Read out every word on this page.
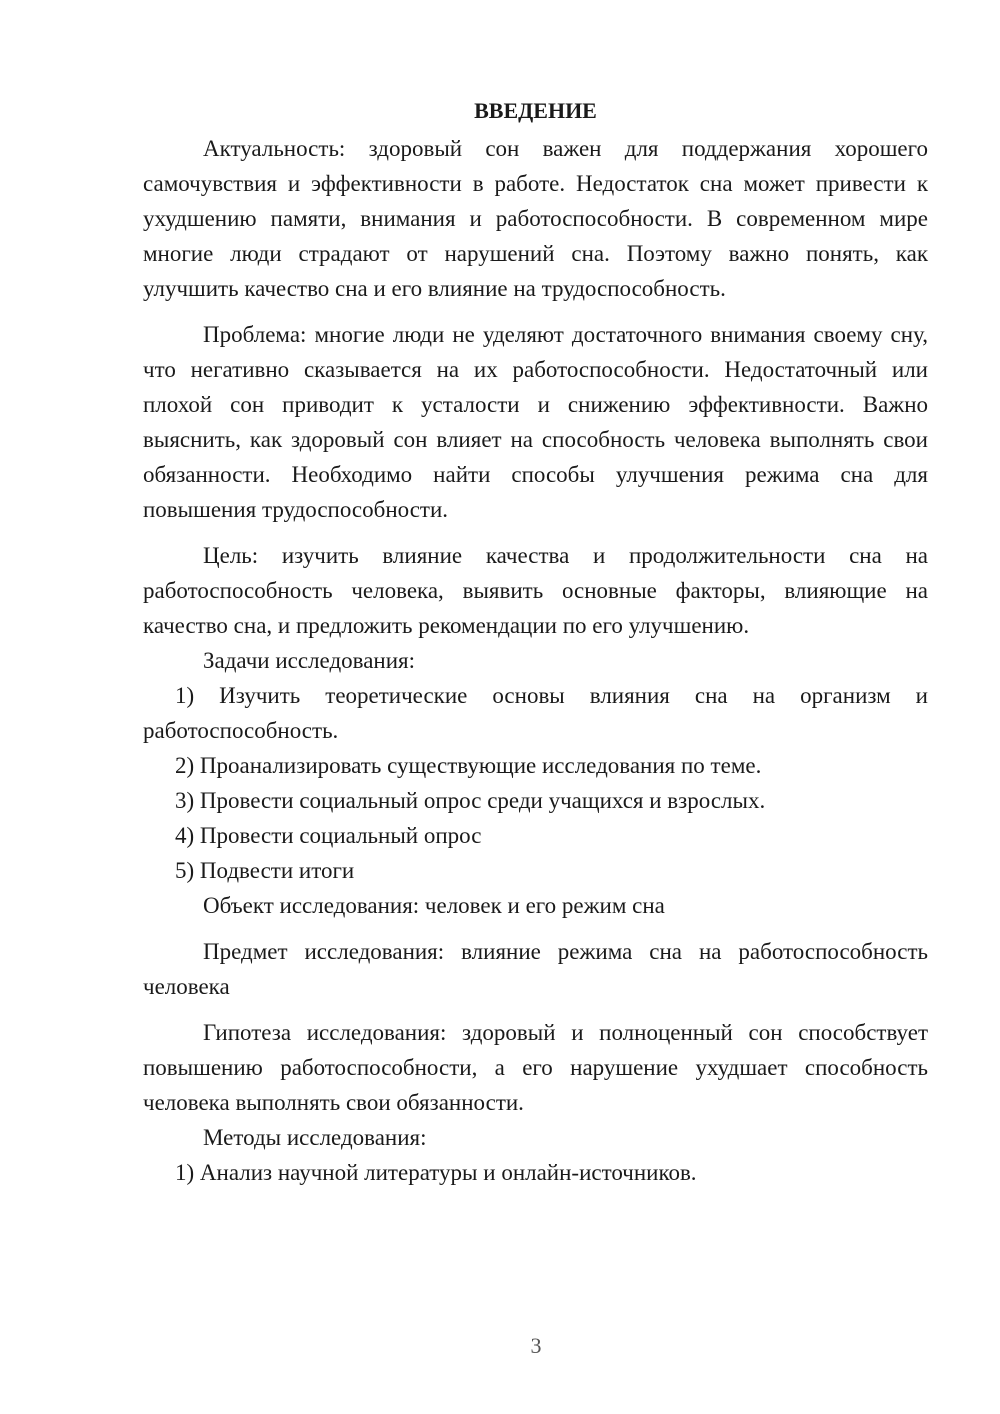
ВВЕДЕНИЕ

Актуальность: здоровый сон важен для поддержания хорошего самочувствия и эффективности в работе. Недостаток сна может привести к ухудшению памяти, внимания и работоспособности. В современном мире многие люди страдают от нарушений сна. Поэтому важно понять, как улучшить качество сна и его влияние на трудоспособность.

Проблема: многие люди не уделяют достаточного внимания своему сну, что негативно сказывается на их работоспособности. Недостаточный или плохой сон приводит к усталости и снижению эффективности. Важно выяснить, как здоровый сон влияет на способность человека выполнять свои обязанности. Необходимо найти способы улучшения режима сна для повышения трудоспособности.

Цель: изучить влияние качества и продолжительности сна на работоспособность человека, выявить основные факторы, влияющие на качество сна, и предложить рекомендации по его улучшению.

Задачи исследования:

1) Изучить теоретические основы влияния сна на организм и работоспособность.

2) Проанализировать существующие исследования по теме.

3) Провести социальный опрос среди учащихся и взрослых.

4) Провести социальный опрос

5) Подвести итоги

Объект исследования: человек и его режим сна

Предмет исследования: влияние режима сна на работоспособность человека

Гипотеза исследования: здоровый и полноценный сон способствует повышению работоспособности, а его нарушение ухудшает способность человека выполнять свои обязанности.

Методы исследования:

1) Анализ научной литературы и онлайн-источников.

3
